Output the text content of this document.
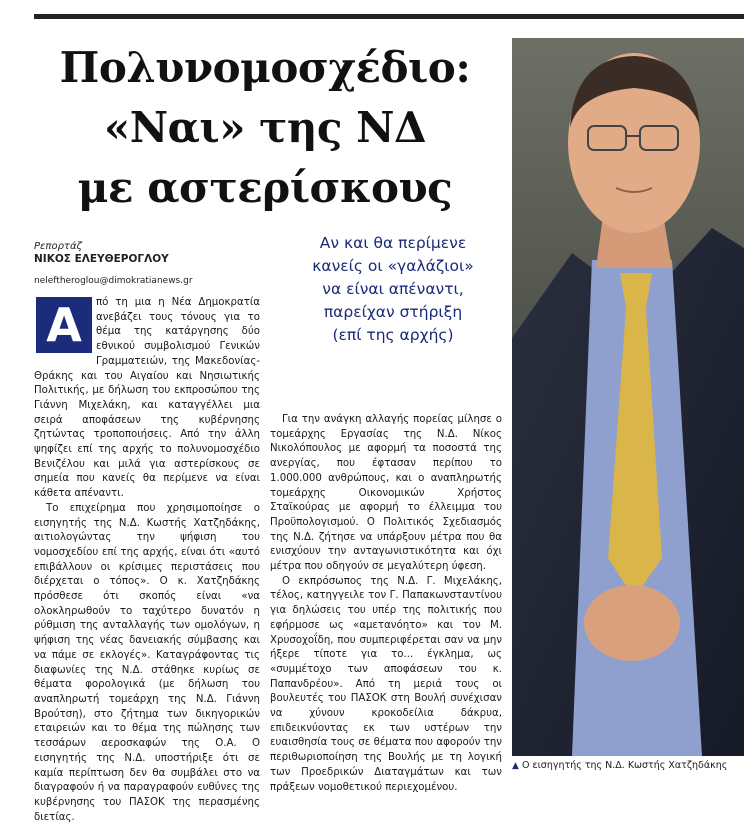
Πολυνομοσχέδιο:
«Ναι» της ΝΔ
με αστερίσκους
Ρεπορτάζ
ΝΙΚΟΣ ΕΛΕΥΘΕΡΟΓΛΟΥ
nelefther​oglou@dimokratianews.gr
Αν και θα περίμενε
κανείς οι «γαλάζιοι»
να είναι απέναντι,
παρείχαν στήριξη
(επί της αρχής)
Α	πό τη μια η Νέα Δημοκρατία ανεβάζει τους τόνους για το θέμα της κατάργησης δύο εθνικού συμβολισμού Γενικών Γραμματειών, της Μακεδονίας-Θράκης και του Αιγαίου και Νησιωτικής Πολιτικής, με δήλωση του εκπροσώπου της Γιάννη Μιχελάκη, και καταγγέλλει μια σειρά αποφάσεων της κυβέρνησης ζητώντας τροποποιήσεις. Από την άλλη ψηφίζει επί της αρχής το πολυνομοσχέδιο Βενιζέλου και μιλά για αστερίσκους σε σημεία που κανείς θα περίμενε να είναι κάθετα απέναντι.

Το επιχείρημα που χρησιμοποίησε ο εισηγητής της Ν.Δ. Κωστής Χατζηδάκης, αιτιολογώντας την ψήφιση του νομοσχεδίου επί της αρχής, είναι ότι «αυτό επιβάλλουν οι κρίσιμες περιστάσεις που διέρχεται ο τόπος». Ο κ. Χατζηδάκης πρόσθεσε ότι σκοπός είναι «να ολοκληρωθούν το ταχύτερο δυνατόν η ρύθμιση της ανταλλαγής των ομολόγων, η ψήφιση της νέας δανειακής σύμβασης και να πάμε σε εκλογές». Καταγράφοντας τις διαφωνίες της Ν.Δ. στάθηκε κυρίως σε θέματα φορολογικά (με δήλωση του αναπληρωτή τομεάρχη της Ν.Δ. Γιάννη Βρούτση), στο ζήτημα των δικηγορικών εταιρειών και το θέμα της πώλησης των τεσσάρων αεροσκαφών της Ο.Α. Ο εισηγητής της Ν.Δ. υποστήριξε ότι σε καμία περίπτωση δεν θα συμβάλει στο να διαγραφούν ή να παραγραφούν ευθύνες της κυβέρνησης του ΠΑΣΟΚ της περασμένης διετίας.

Για την ανάγκη αλλαγής πορείας μίλησε ο τομεάρχης Εργασίας της Ν.Δ. Νίκος Νικολόπουλος με αφορμή τα ποσοστά της ανεργίας, που έφτασαν περίπου το 1.000.000 ανθρώπους, και ο αναπληρωτής τομεάρχης Οικονομικών Χρήστος Σταϊκούρας με αφορμή το έλλειμμα του Προϋπολογισμού. Ο Πολιτικός Σχεδιασμός της Ν.Δ. ζήτησε να υπάρξουν μέτρα που θα ενισχύουν την ανταγωνιστικότητα και όχι μέτρα που οδηγούν σε μεγαλύτερη ύφεση.

Ο εκπρόσωπος της Ν.Δ. Γ. Μιχελάκης, τέλος, κατηγγειλε τον Γ. Παπακωνσταντίνου για δηλώσεις του υπέρ της πολιτικής που εφήρμοσε ως «αμετανόητο» και τον Μ. Χρυσοχοΐδη, που συμπεριφέρεται σαν να μην ήξερε τίποτε για το... έγκλημα, ως «συμμέτοχο των αποφάσεων του κ. Παπανδρέου». Από τη μεριά τους οι βουλευτές του ΠΑΣΟΚ στη Βουλή συνέχισαν να χύνουν κροκοδείλια δάκρυα, επιδεικνύοντας εκ των υστέρων την ευαισθησία τους σε θέματα που αφορούν την περιθωριοποίηση της Βουλής με τη λογική των Προεδρικών Διαταγμάτων και των πράξεων νομοθετικού περιεχομένου.

▲ Ο εισηγητής της Ν.Δ. Κωστής Χατζηδάκης
